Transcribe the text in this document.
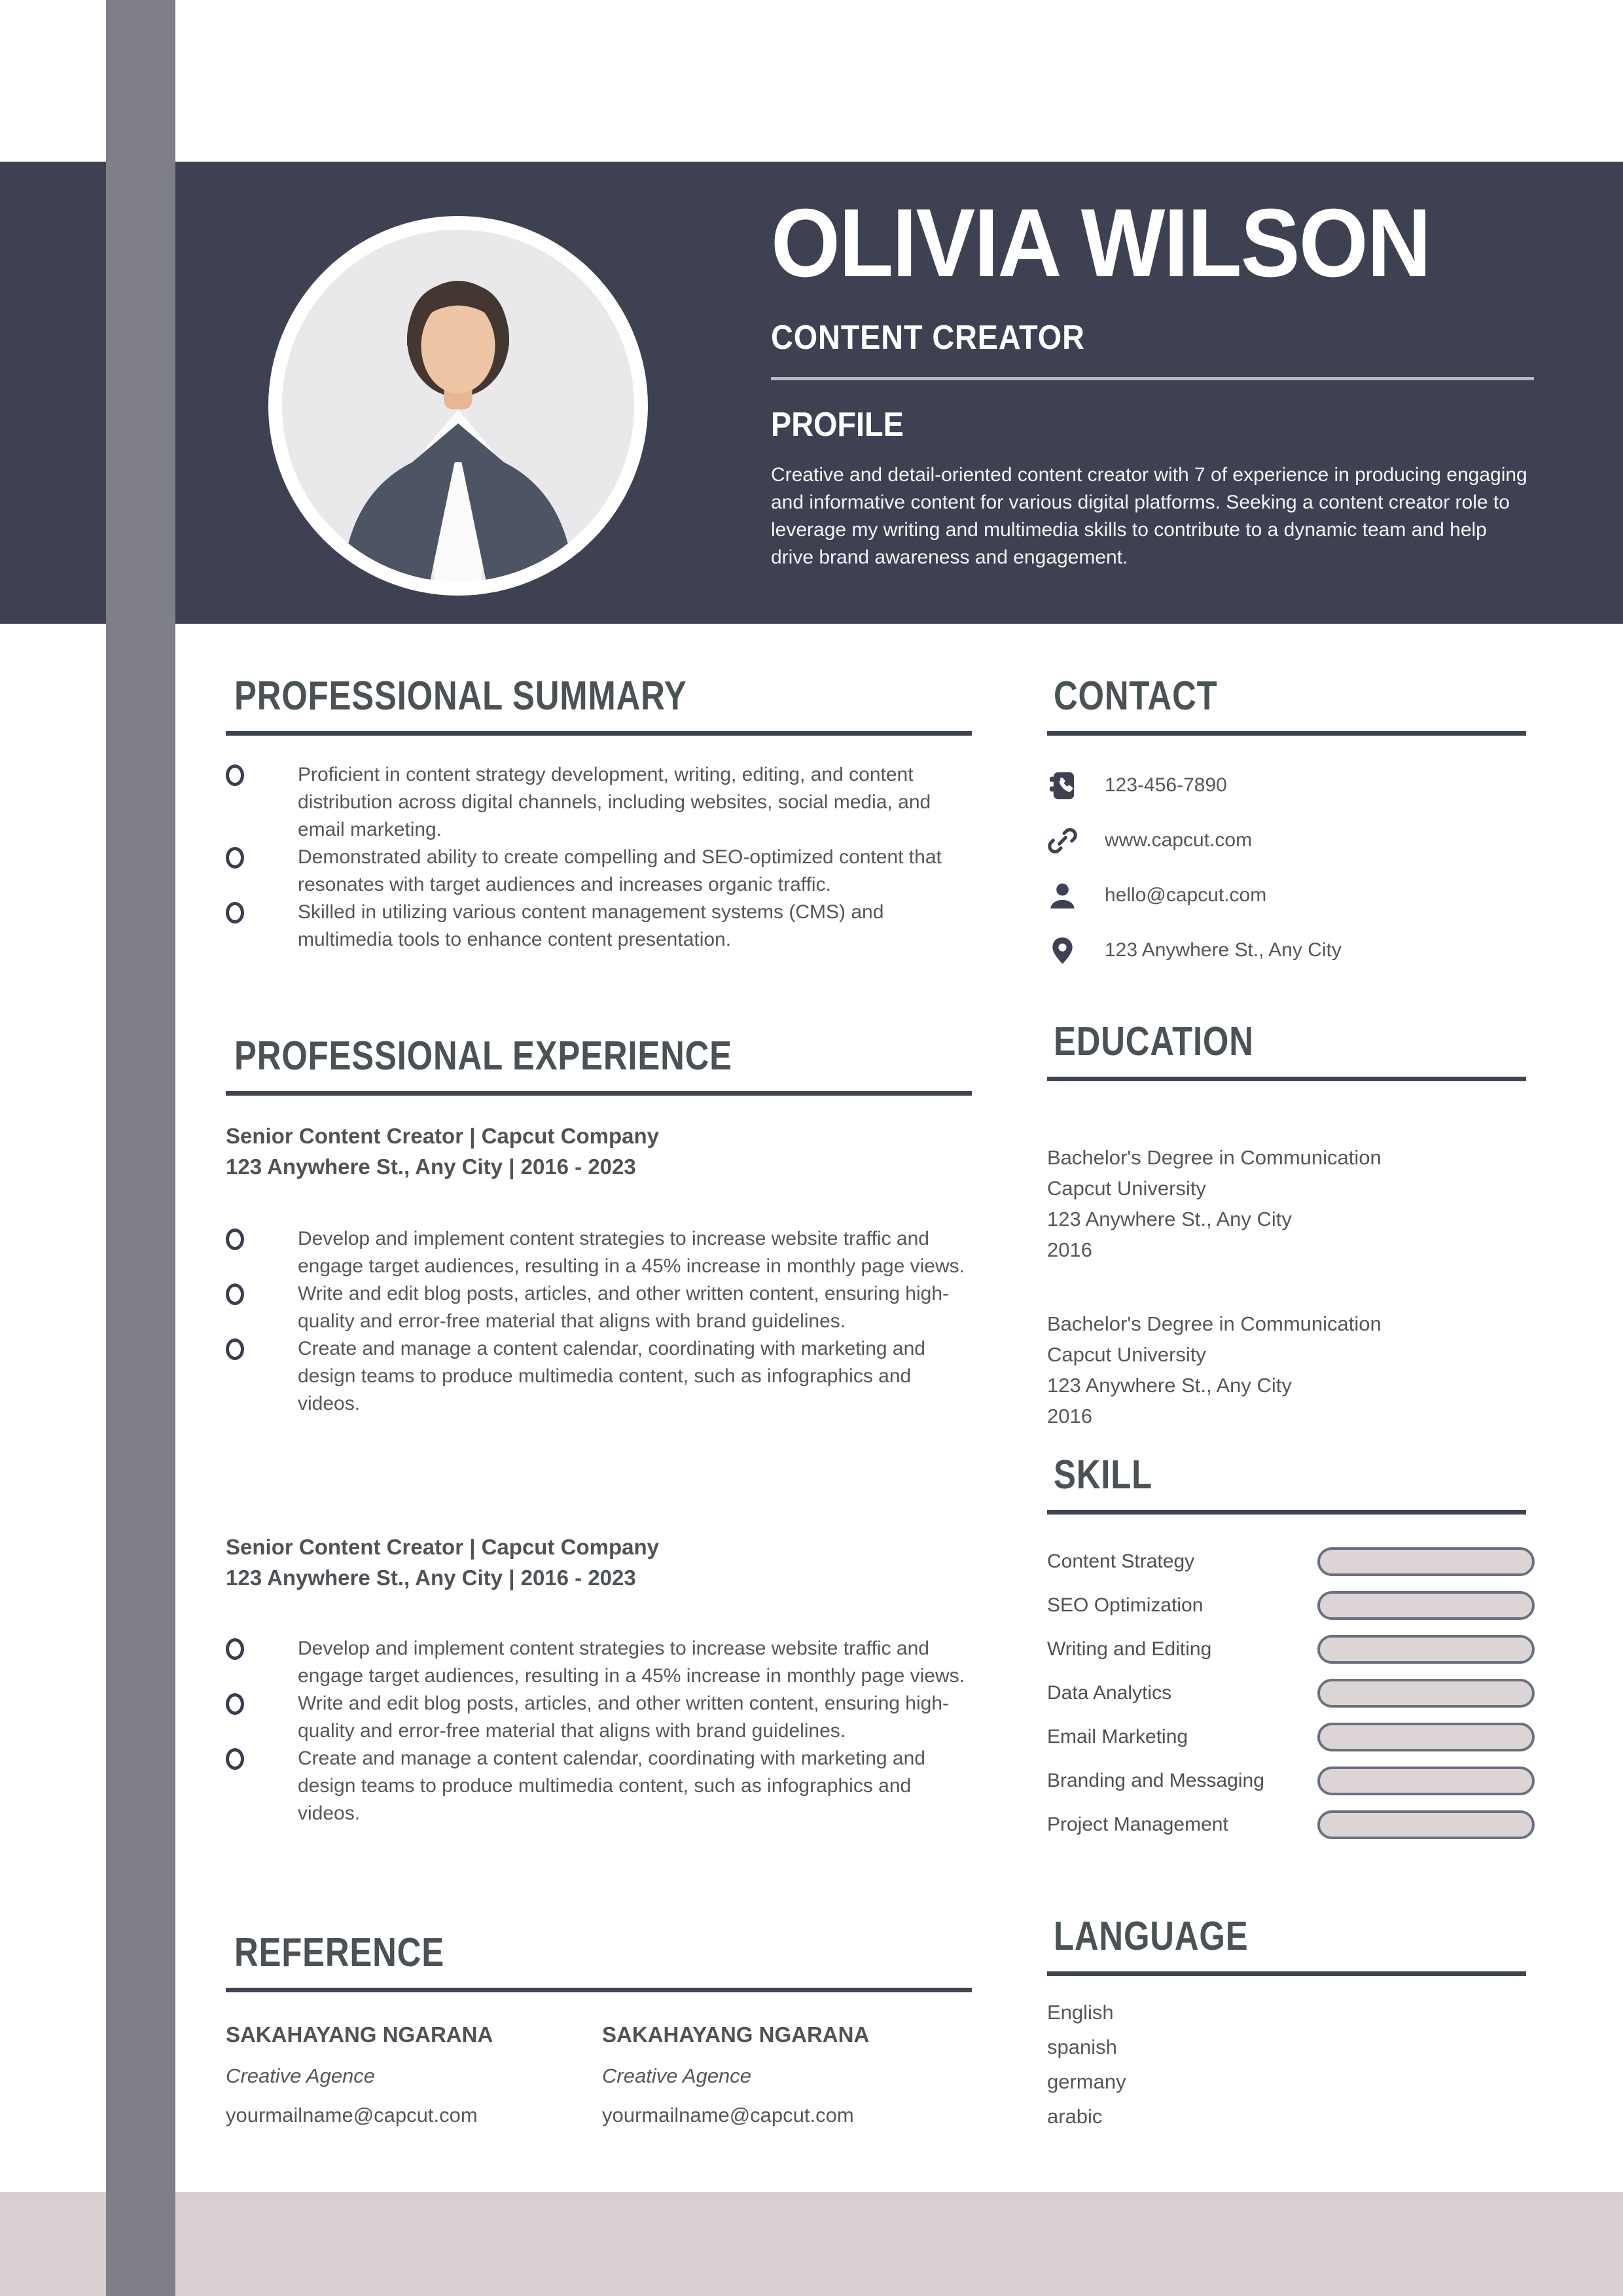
OLIVIA WILSON
CONTENT CREATOR
PROFILE
Creative and detail-oriented content creator with 7 of experience in producing engaging and informative content for various digital platforms. Seeking a content creator role to leverage my writing and multimedia skills to contribute to a dynamic team and help drive brand awareness and engagement.
PROFESSIONAL SUMMARY
Proficient in content strategy development, writing, editing, and content distribution across digital channels, including websites, social media, and email marketing.
Demonstrated ability to create compelling and SEO-optimized content that resonates with target audiences and increases organic traffic.
Skilled in utilizing various content management systems (CMS) and multimedia tools to enhance content presentation.
PROFESSIONAL EXPERIENCE
Senior Content Creator | Capcut Company
123 Anywhere St., Any City | 2016 - 2023
Develop and implement content strategies to increase website traffic and engage target audiences, resulting in a 45% increase in monthly page views.
Write and edit blog posts, articles, and other written content, ensuring high-quality and error-free material that aligns with brand guidelines.
Create and manage a content calendar, coordinating with marketing and design teams to produce multimedia content, such as infographics and videos.
Senior Content Creator | Capcut Company
123 Anywhere St., Any City | 2016 - 2023
Develop and implement content strategies to increase website traffic and engage target audiences, resulting in a 45% increase in monthly page views.
Write and edit blog posts, articles, and other written content, ensuring high-quality and error-free material that aligns with brand guidelines.
Create and manage a content calendar, coordinating with marketing and design teams to produce multimedia content, such as infographics and videos.
REFERENCE
SAKAHAYANG NGARANA
Creative Agence
yourmailname@capcut.com
SAKAHAYANG NGARANA
Creative Agence
yourmailname@capcut.com
CONTACT
123-456-7890
www.capcut.com
hello@capcut.com
123 Anywhere St., Any City
EDUCATION
Bachelor's Degree in Communication
Capcut University
123 Anywhere St., Any City
2016
Bachelor's Degree in Communication
Capcut University
123 Anywhere St., Any City
2016
SKILL
Content Strategy
SEO Optimization
Writing and Editing
Data Analytics
Email Marketing
Branding and Messaging
Project Management
LANGUAGE
English
spanish
germany
arabic
